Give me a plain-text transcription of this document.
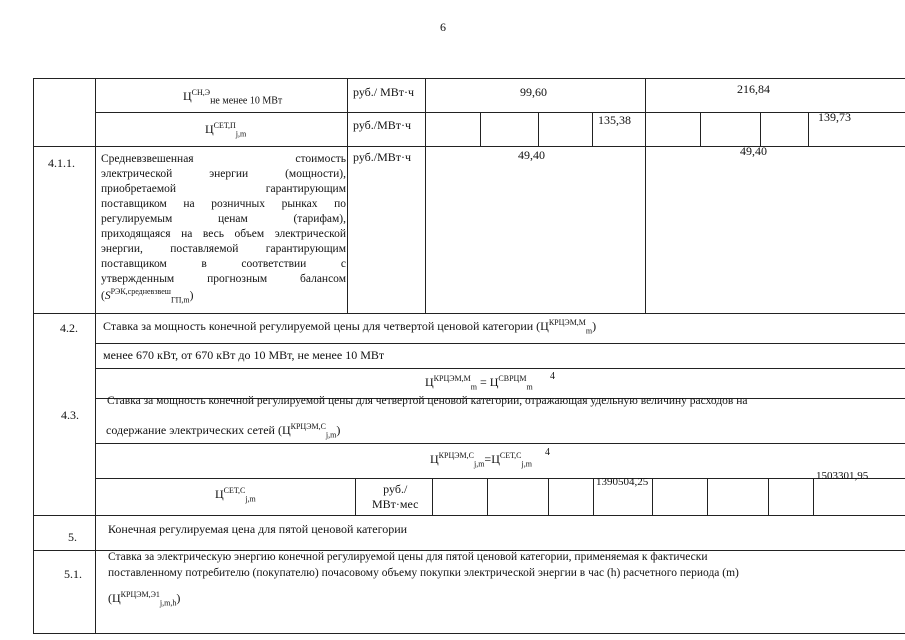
6
$Ц^{СН,Э}_{не менее 10 МВт}$
руб./ МВт·ч	99,60	216,84
$Ц^{СЕТ,П}_{j,m}$
руб./МВт·ч	135,38	139,73
4.1.1. Средневзвешенная стоимость
электрической энергии (мощности),
приобретаемой гарантирующим
поставщиком на розничных рынках по
регулируемым ценам (тарифам),
приходящаяся на весь объем электрической
энергии, поставляемой гарантирующим
поставщиком в соответствии с
утвержденным прогнозным балансом
$(S^{РЭК,средневзвеш}_{ГП,m})$
руб./МВт·ч	49,40	49,40
4.2. Ставка за мощность конечной регулируемой цены для четвертой ценовой категории $(Ц^{КРЦЭМ,М}_m)$
менее 670 кВт, от 670 кВт до 10 МВт, не менее 10 МВт
$Ц^{КРЦЭМ,М}_m = Ц^{СВРЦМ}_m$
4
4.3.
Ставка за мощность конечной регулируемой цены для четвертой ценовой категории, отражающая удельную величину расходов на
содержание электрических сетей $(Ц^{КРЦЭМ,С}_{j,m})$
$Ц^{КРЦЭМ,С}_{j,m}=Ц^{СЕТ,С}_{j,m}$
4
$Ц^{СЕТ,С}_{j,m}$
руб./
МВт·мес
1390504,25	1503301,95
5.
Конечная регулируемая цена для пятой ценовой категории
5.1.
Ставка за электрическую энергию конечной регулируемой цены для пятой ценовой категории, применяемая к фактически
поставленному потребителю (покупателю) почасовому объему покупки электрической энергии в час (h) расчетного периода (m)
$(Ц^{КРЦЭМ,Э1}_{j,m,h})$
